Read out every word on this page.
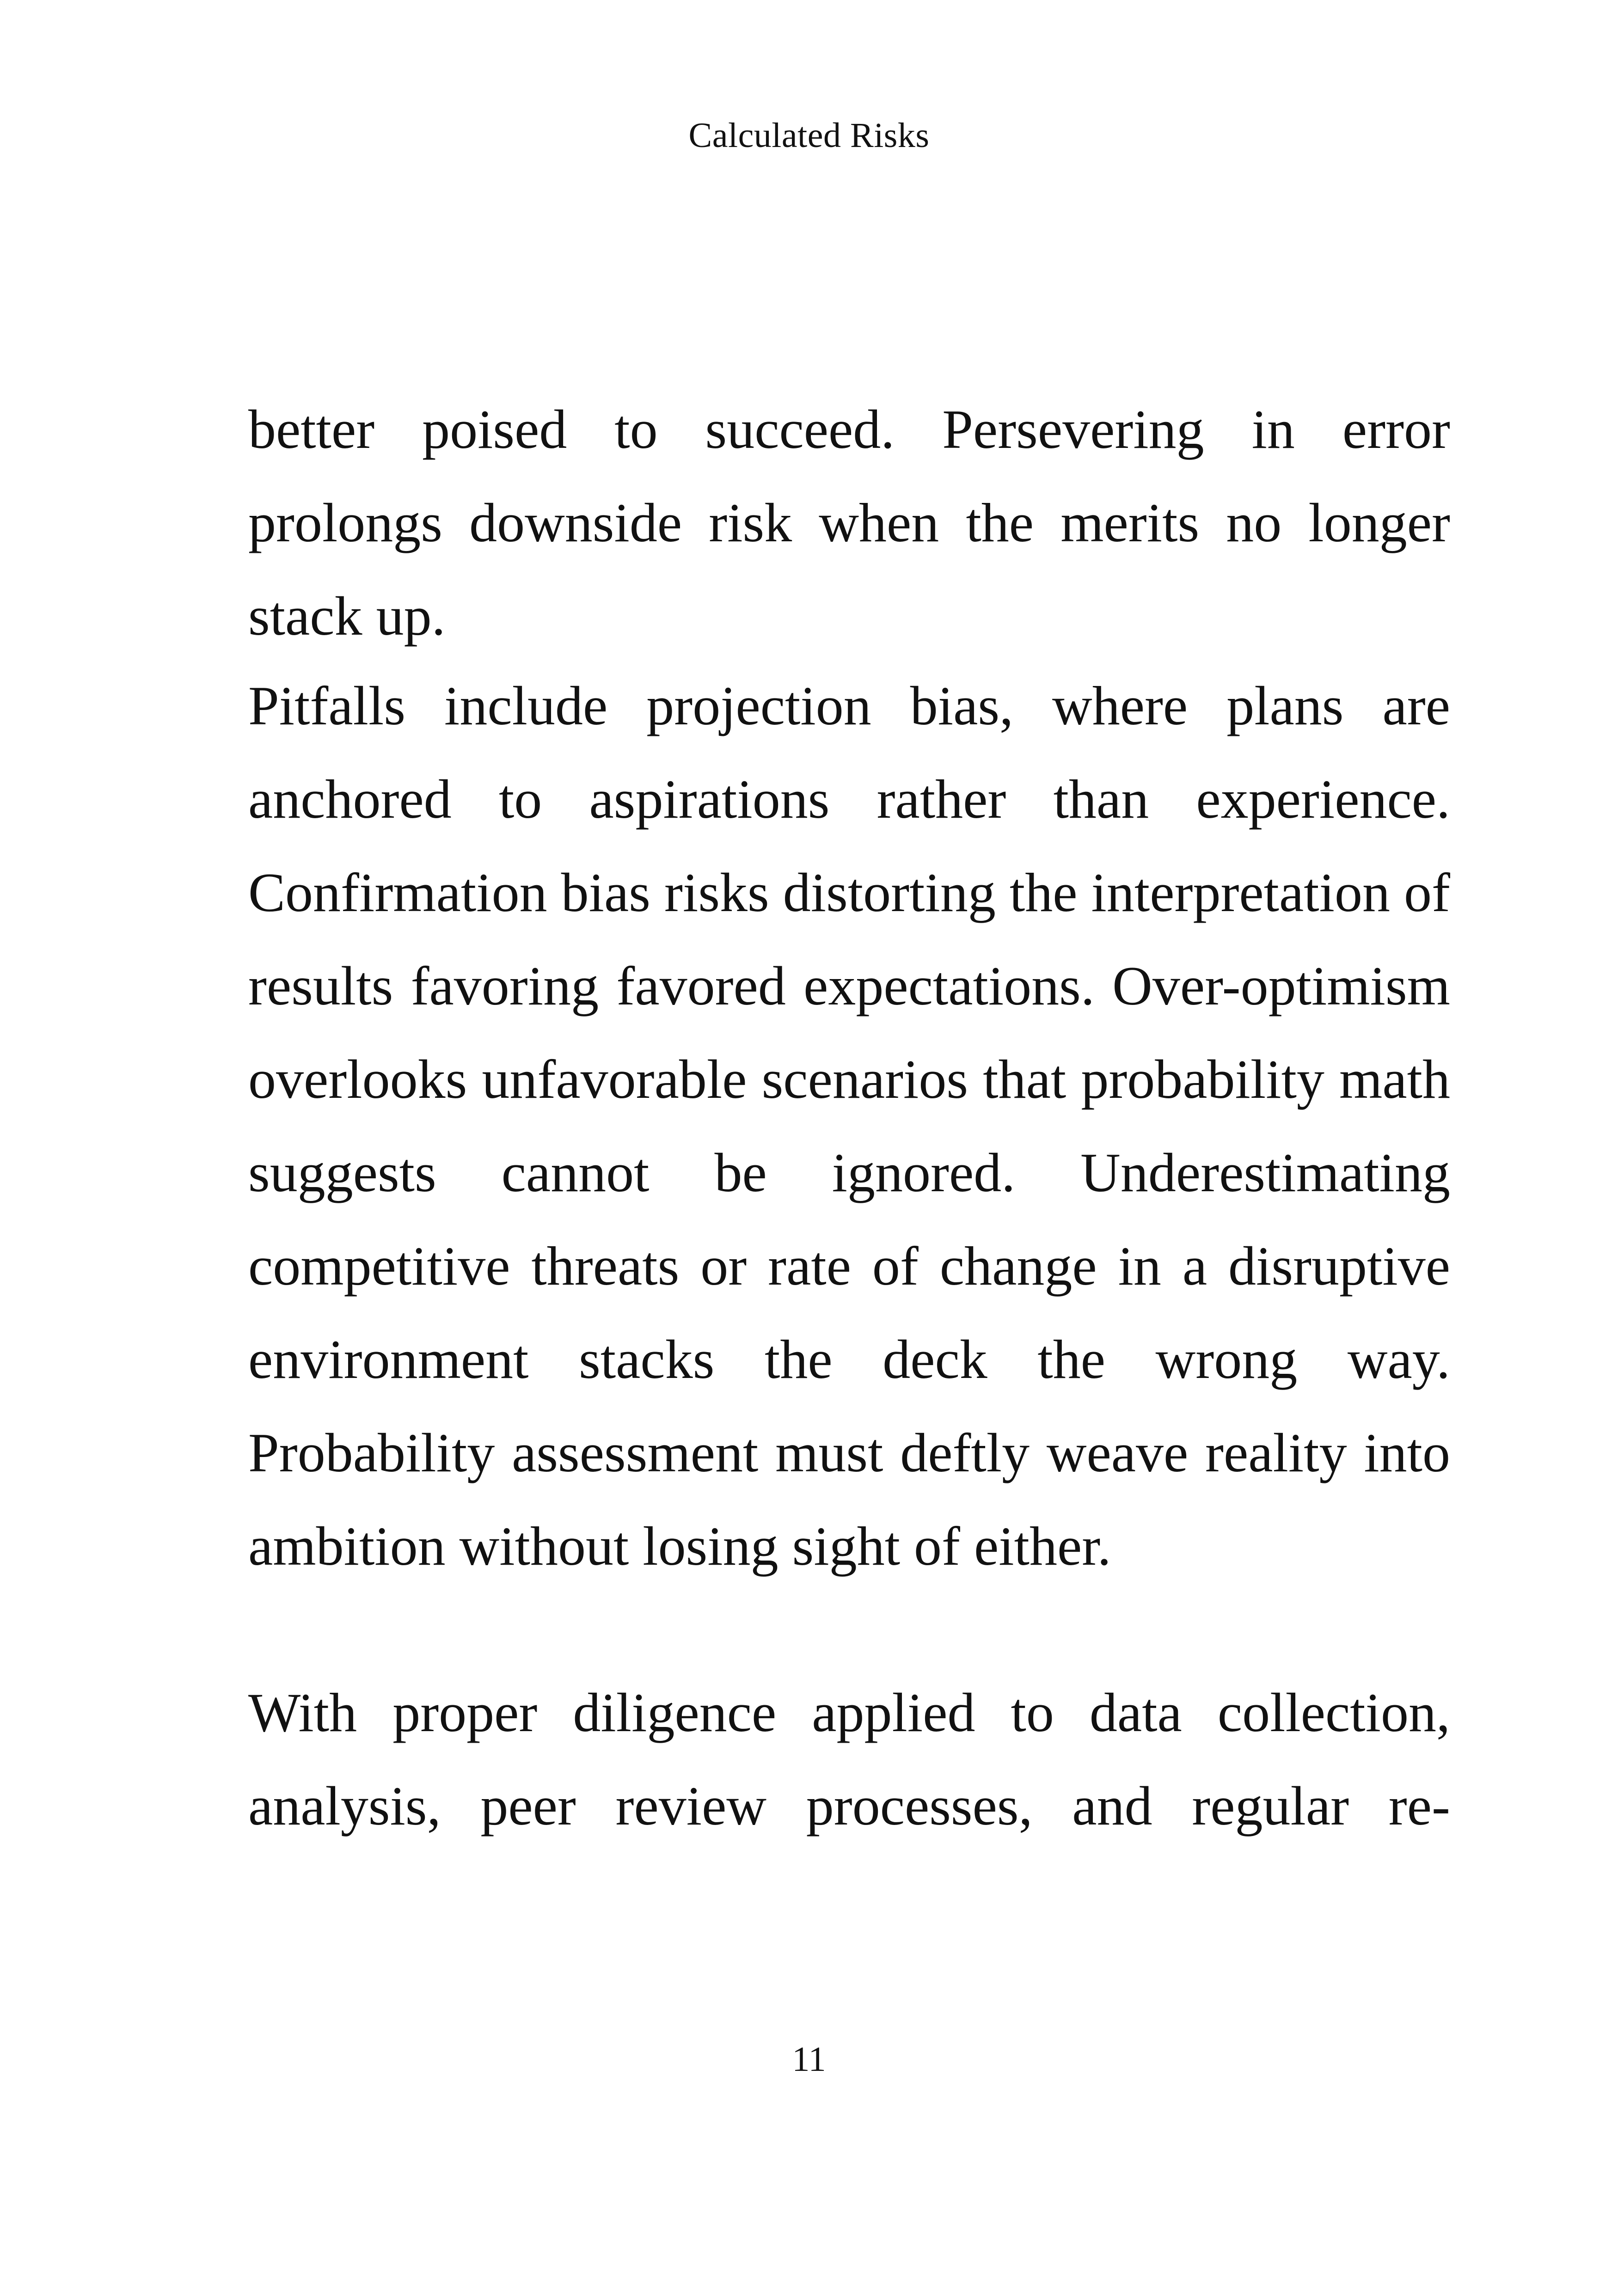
Calculated Risks

better poised to succeed. Persevering in error prolongs downside risk when the merits no longer stack up.

Pitfalls include projection bias, where plans are anchored to aspirations rather than experience. Confirmation bias risks distorting the interpretation of results favoring favored expectations. Over-optimism overlooks unfavorable scenarios that probability math suggests cannot be ignored. Underestimating competitive threats or rate of change in a disruptive environment stacks the deck the wrong way. Probability assessment must deftly weave reality into ambition without losing sight of either.

With proper diligence applied to data collection, analysis, peer review processes, and regular re-

11
